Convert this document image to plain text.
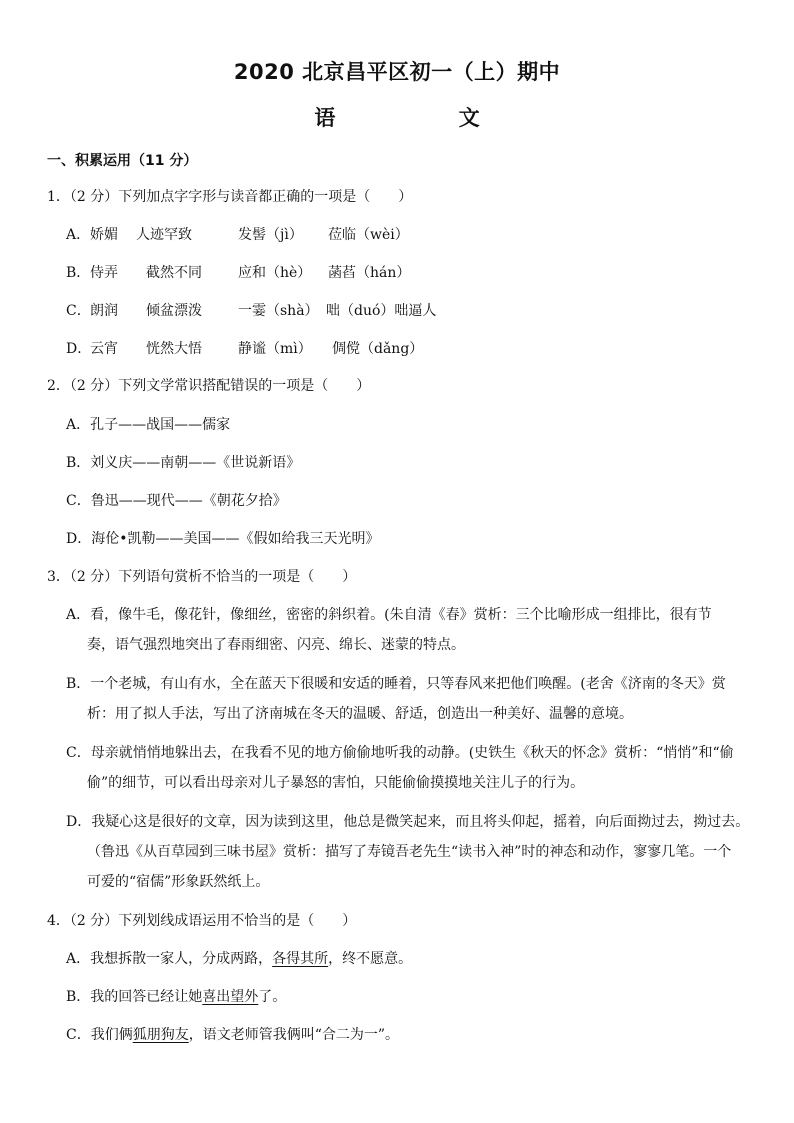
2020 北京昌平区初一（上）期中
语 文
一、积累运用（11 分）
1．（2 分）下列加点字字形与读音都正确的一项是（　　）
A．娇媚 人迹罕致	发髻（jì） 莅临（wèi）
B．侍弄 截然不同	应和（hè） 菡萏（hán）
C．朗润 倾盆漂泼	一霎（shà） 咄（duó）咄逼人
D．云宵 恍然大悟	静谧（mì） 倜傥（dǎng）
2．（2 分）下列文学常识搭配错误的一项是（　　）
A．孔子——战国——儒家
B．刘义庆——南朝——《世说新语》
C．鲁迅——现代——《朝花夕拾》
D．海伦•凯勒——美国——《假如给我三天光明》
3．（2 分）下列语句赏析不恰当的一项是（　　）
A．看，像牛毛，像花针，像细丝，密密的斜织着。(朱自清《春》赏析：三个比喻形成一组排比，很有节
奏，语气强烈地突出了春雨细密、闪亮、绵长、迷蒙的特点。
B．一个老城，有山有水，全在蓝天下很暖和安适的睡着，只等春风来把他们唤醒。(老舍《济南的冬天》赏
析：用了拟人手法，写出了济南城在冬天的温暖、舒适，创造出一种美好、温馨的意境。
C．母亲就悄悄地躲出去，在我看不见的地方偷偷地听我的动静。(史铁生《秋天的怀念》赏析：“悄悄”和“偷
偷”的细节，可以看出母亲对儿子暴怒的害怕，只能偷偷摸摸地关注儿子的行为。
D．我疑心这是很好的文章，因为读到这里，他总是微笑起来，而且将头仰起，摇着，向后面拗过去，拗过去。
（鲁迅《从百草园到三味书屋》赏析：描写了寿镜吾老先生“读书入神”时的神态和动作，寥寥几笔。一个
可爱的“宿儒”形象跃然纸上。
4．（2 分）下列划线成语运用不恰当的是（　　）
A．我想拆散一家人，分成两路，各得其所，终不愿意。
B．我的回答已经让她喜出望外了。
C．我们俩狐朋狗友，语文老师管我俩叫“合二为一”。
